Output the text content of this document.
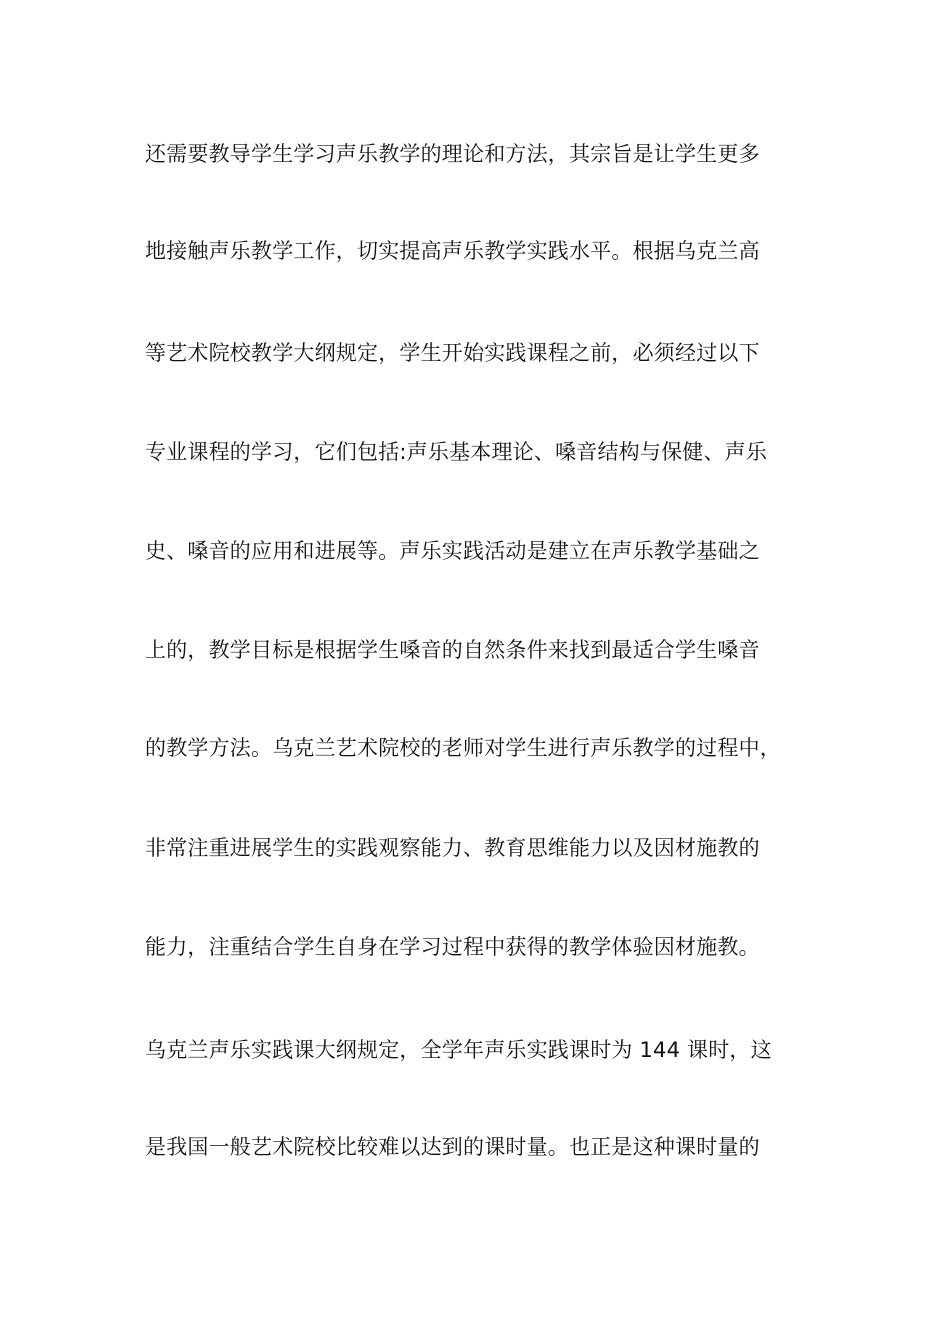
还需要教导学生学习声乐教学的理论和方法，其宗旨是让学生更多
地接触声乐教学工作，切实提高声乐教学实践水平。根据乌克兰高
等艺术院校教学大纲规定，学生开始实践课程之前，必须经过以下
专业课程的学习，它们包括:声乐基本理论、嗓音结构与保健、声乐
史、嗓音的应用和进展等。声乐实践活动是建立在声乐教学基础之
上的，教学目标是根据学生嗓音的自然条件来找到最适合学生嗓音
的教学方法。乌克兰艺术院校的老师对学生进行声乐教学的过程中，
非常注重进展学生的实践观察能力、教育思维能力以及因材施教的
能力，注重结合学生自身在学习过程中获得的教学体验因材施教。
乌克兰声乐实践课大纲规定，全学年声乐实践课时为 144 课时，这
是我国一般艺术院校比较难以达到的课时量。也正是这种课时量的
